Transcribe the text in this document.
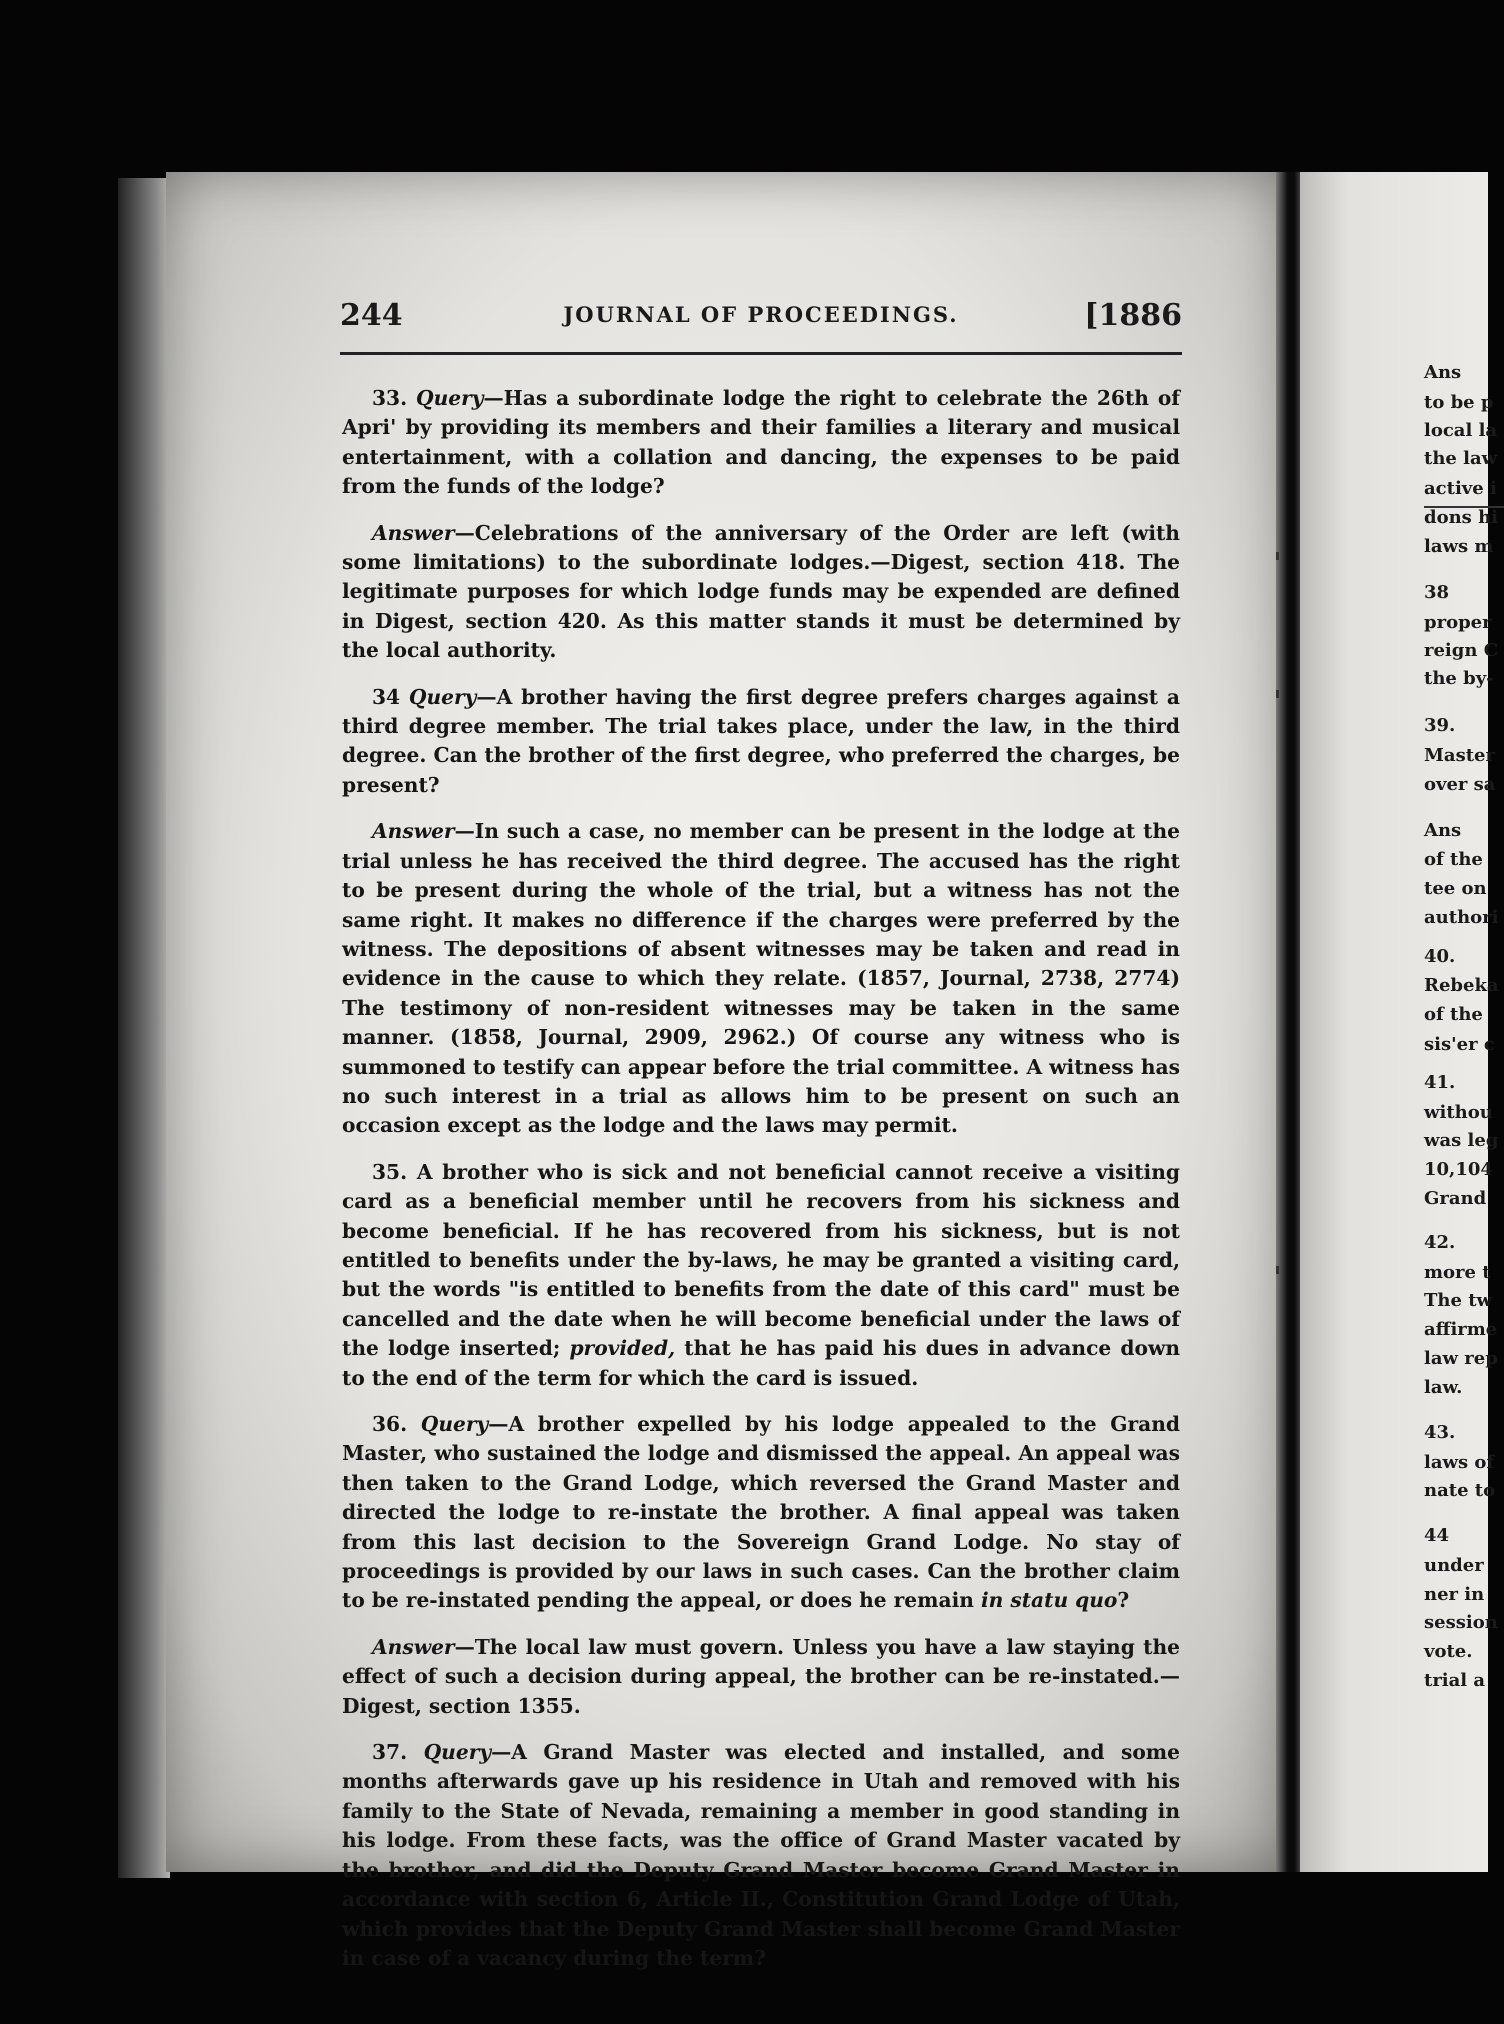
Ans
to be p
local la
the law
active i
dons hi
laws m
38
proper
reign C
the by-
39.
Master
over sa
Ans
of the
tee on
authori
40.
Rebeka
of the
sis'er c
41.
withou
was leg
10,104
Grand
42.
more t
The tw
affirme
law rep
law.
43.
laws of
nate to
44
under
ner in
session
vote.
trial a
244	JOURNAL OF PROCEEDINGS.	[1886

33. Query—Has a subordinate lodge the right to celebrate the 26th of Apri' by providing its members and their families a literary and musical entertainment, with a collation and dancing, the expenses to be paid from the funds of the lodge?

Answer—Celebrations of the anniversary of the Order are left (with some limitations) to the subordinate lodges.—Digest, section 418. The legitimate purposes for which lodge funds may be expended are defined in Digest, section 420. As this matter stands it must be determined by the local authority.

34 Query—A brother having the first degree prefers charges against a third degree member. The trial takes place, under the law, in the third degree. Can the brother of the first degree, who preferred the charges, be present?

Answer—In such a case, no member can be present in the lodge at the trial unless he has received the third degree. The accused has the right to be present during the whole of the trial, but a witness has not the same right. It makes no difference if the charges were preferred by the witness. The depositions of absent witnesses may be taken and read in evidence in the cause to which they relate. (1857, Journal, 2738, 2774) The testimony of non-resident witnesses may be taken in the same manner. (1858, Journal, 2909, 2962.) Of course any witness who is summoned to testify can appear before the trial committee. A witness has no such interest in a trial as allows him to be present on such an occasion except as the lodge and the laws may permit.

35. A brother who is sick and not beneficial cannot receive a visiting card as a beneficial member until he recovers from his sickness and become beneficial. If he has recovered from his sickness, but is not entitled to benefits under the by-laws, he may be granted a visiting card, but the words "is entitled to benefits from the date of this card" must be cancelled and the date when he will become beneficial under the laws of the lodge inserted; provided, that he has paid his dues in advance down to the end of the term for which the card is issued.

36. Query—A brother expelled by his lodge appealed to the Grand Master, who sustained the lodge and dismissed the appeal. An appeal was then taken to the Grand Lodge, which reversed the Grand Master and directed the lodge to re-instate the brother. A final appeal was taken from this last decision to the Sovereign Grand Lodge. No stay of proceedings is provided by our laws in such cases. Can the brother claim to be re-instated pending the appeal, or does he remain in statu quo?

Answer—The local law must govern. Unless you have a law staying the effect of such a decision during appeal, the brother can be re-instated.—Digest, section 1355.

37. Query—A Grand Master was elected and installed, and some months afterwards gave up his residence in Utah and removed with his family to the State of Nevada, remaining a member in good standing in his lodge. From these facts, was the office of Grand Master vacated by the brother, and did the Deputy Grand Master become Grand Master in accordance with section 6, Article II., Constitution Grand Lodge of Utah, which provides that the Deputy Grand Master shall become Grand Master in case of a vacancy during the term?
